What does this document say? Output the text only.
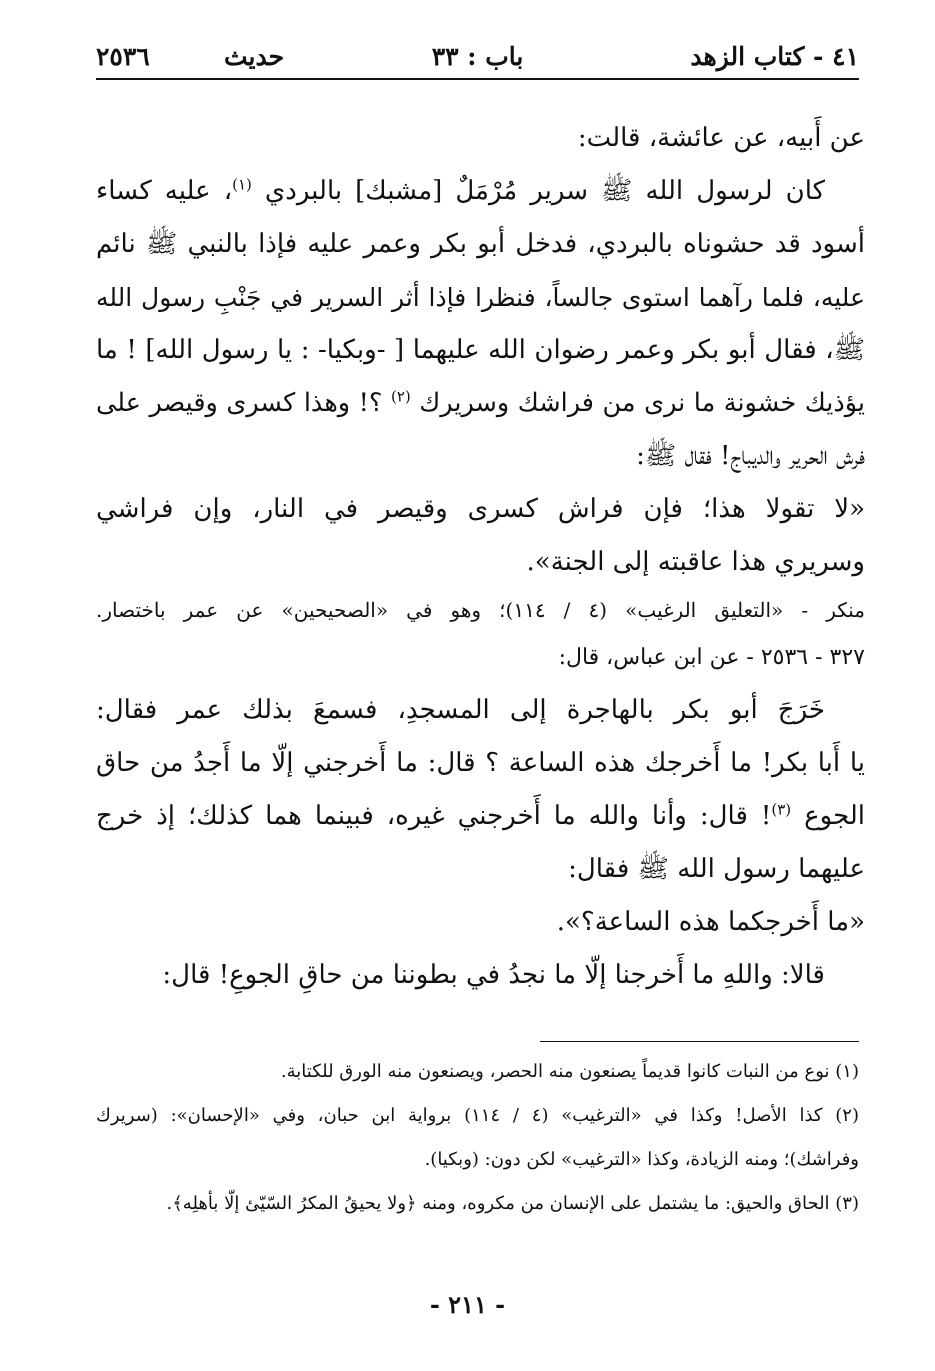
٤١ - كتاب الزهد
باب : ٣٣
حديث
٢٥٣٦
عن أَبيه، عن عائشة، قالت:
كان لرسول الله ﷺ سرير مُرْمَلٌ [مشبك] بالبردي $^{(١)}$، عليه كساء
أسود قد حشوناه بالبردي، فدخل أبو بكر وعمر عليه فإذا بالنبي ﷺ نائم
عليه، فلما رآهما استوى جالساً، فنظرا فإذا أثر السرير في جَنْبِ رسول الله
ﷺ، فقال أبو بكر وعمر رضوان الله عليهما [ -وبكيا- : يا رسول الله] ! ما
يؤذيك خشونة ما نرى من فراشك وسريرك $^{(٢)}$ ؟! وهذا كسرى وقيصر على
فرش الحرير والديباج! فقال ﷺ:
«لا تقولا هذا؛ فإن فراش كسرى وقيصر في النار، وإن فراشي
وسريري هذا عاقبته إلى الجنة».
منكر - «التعليق الرغيب» (٤ / ١١٤)؛ وهو في «الصحيحين» عن عمر باختصار.
٣٢٧ - ٢٥٣٦ - عن ابن عباس، قال:
خَرَجَ أبو بكر بالهاجرة إلى المسجدِ، فسمعَ بذلك عمر فقال:
يا أَبا بكر! ما أَخرجك هذه الساعة ؟ قال: ما أَخرجني إلّا ما أَجدُ من حاق
الجوع $^{(٣)}$! قال: وأنا والله ما أَخرجني غيره، فبينما هما كذلك؛ إذ خرج
عليهما رسول الله ﷺ فقال:
«ما أَخرجكما هذه الساعة؟».
قالا: واللهِ ما أَخرجنا إلّا ما نجدُ في بطوننا من حاقِ الجوعِ! قال:
(١) نوع من النبات كانوا قديماً يصنعون منه الحصر، ويصنعون منه الورق للكتابة.
(٢) كذا الأصل! وكذا في «الترغيب» (٤ / ١١٤) برواية ابن حبان، وفي «الإحسان»: (سريرك
وفراشك)؛ ومنه الزيادة، وكذا «الترغيب» لكن دون: (وبكيا).
(٣) الحاق والحيق: ما يشتمل على الإنسان من مكروه، ومنه ﴿ولا يحيقُ المكرُ السّيّئ إلّا بأهلِه﴾.
- ٢١١ -
